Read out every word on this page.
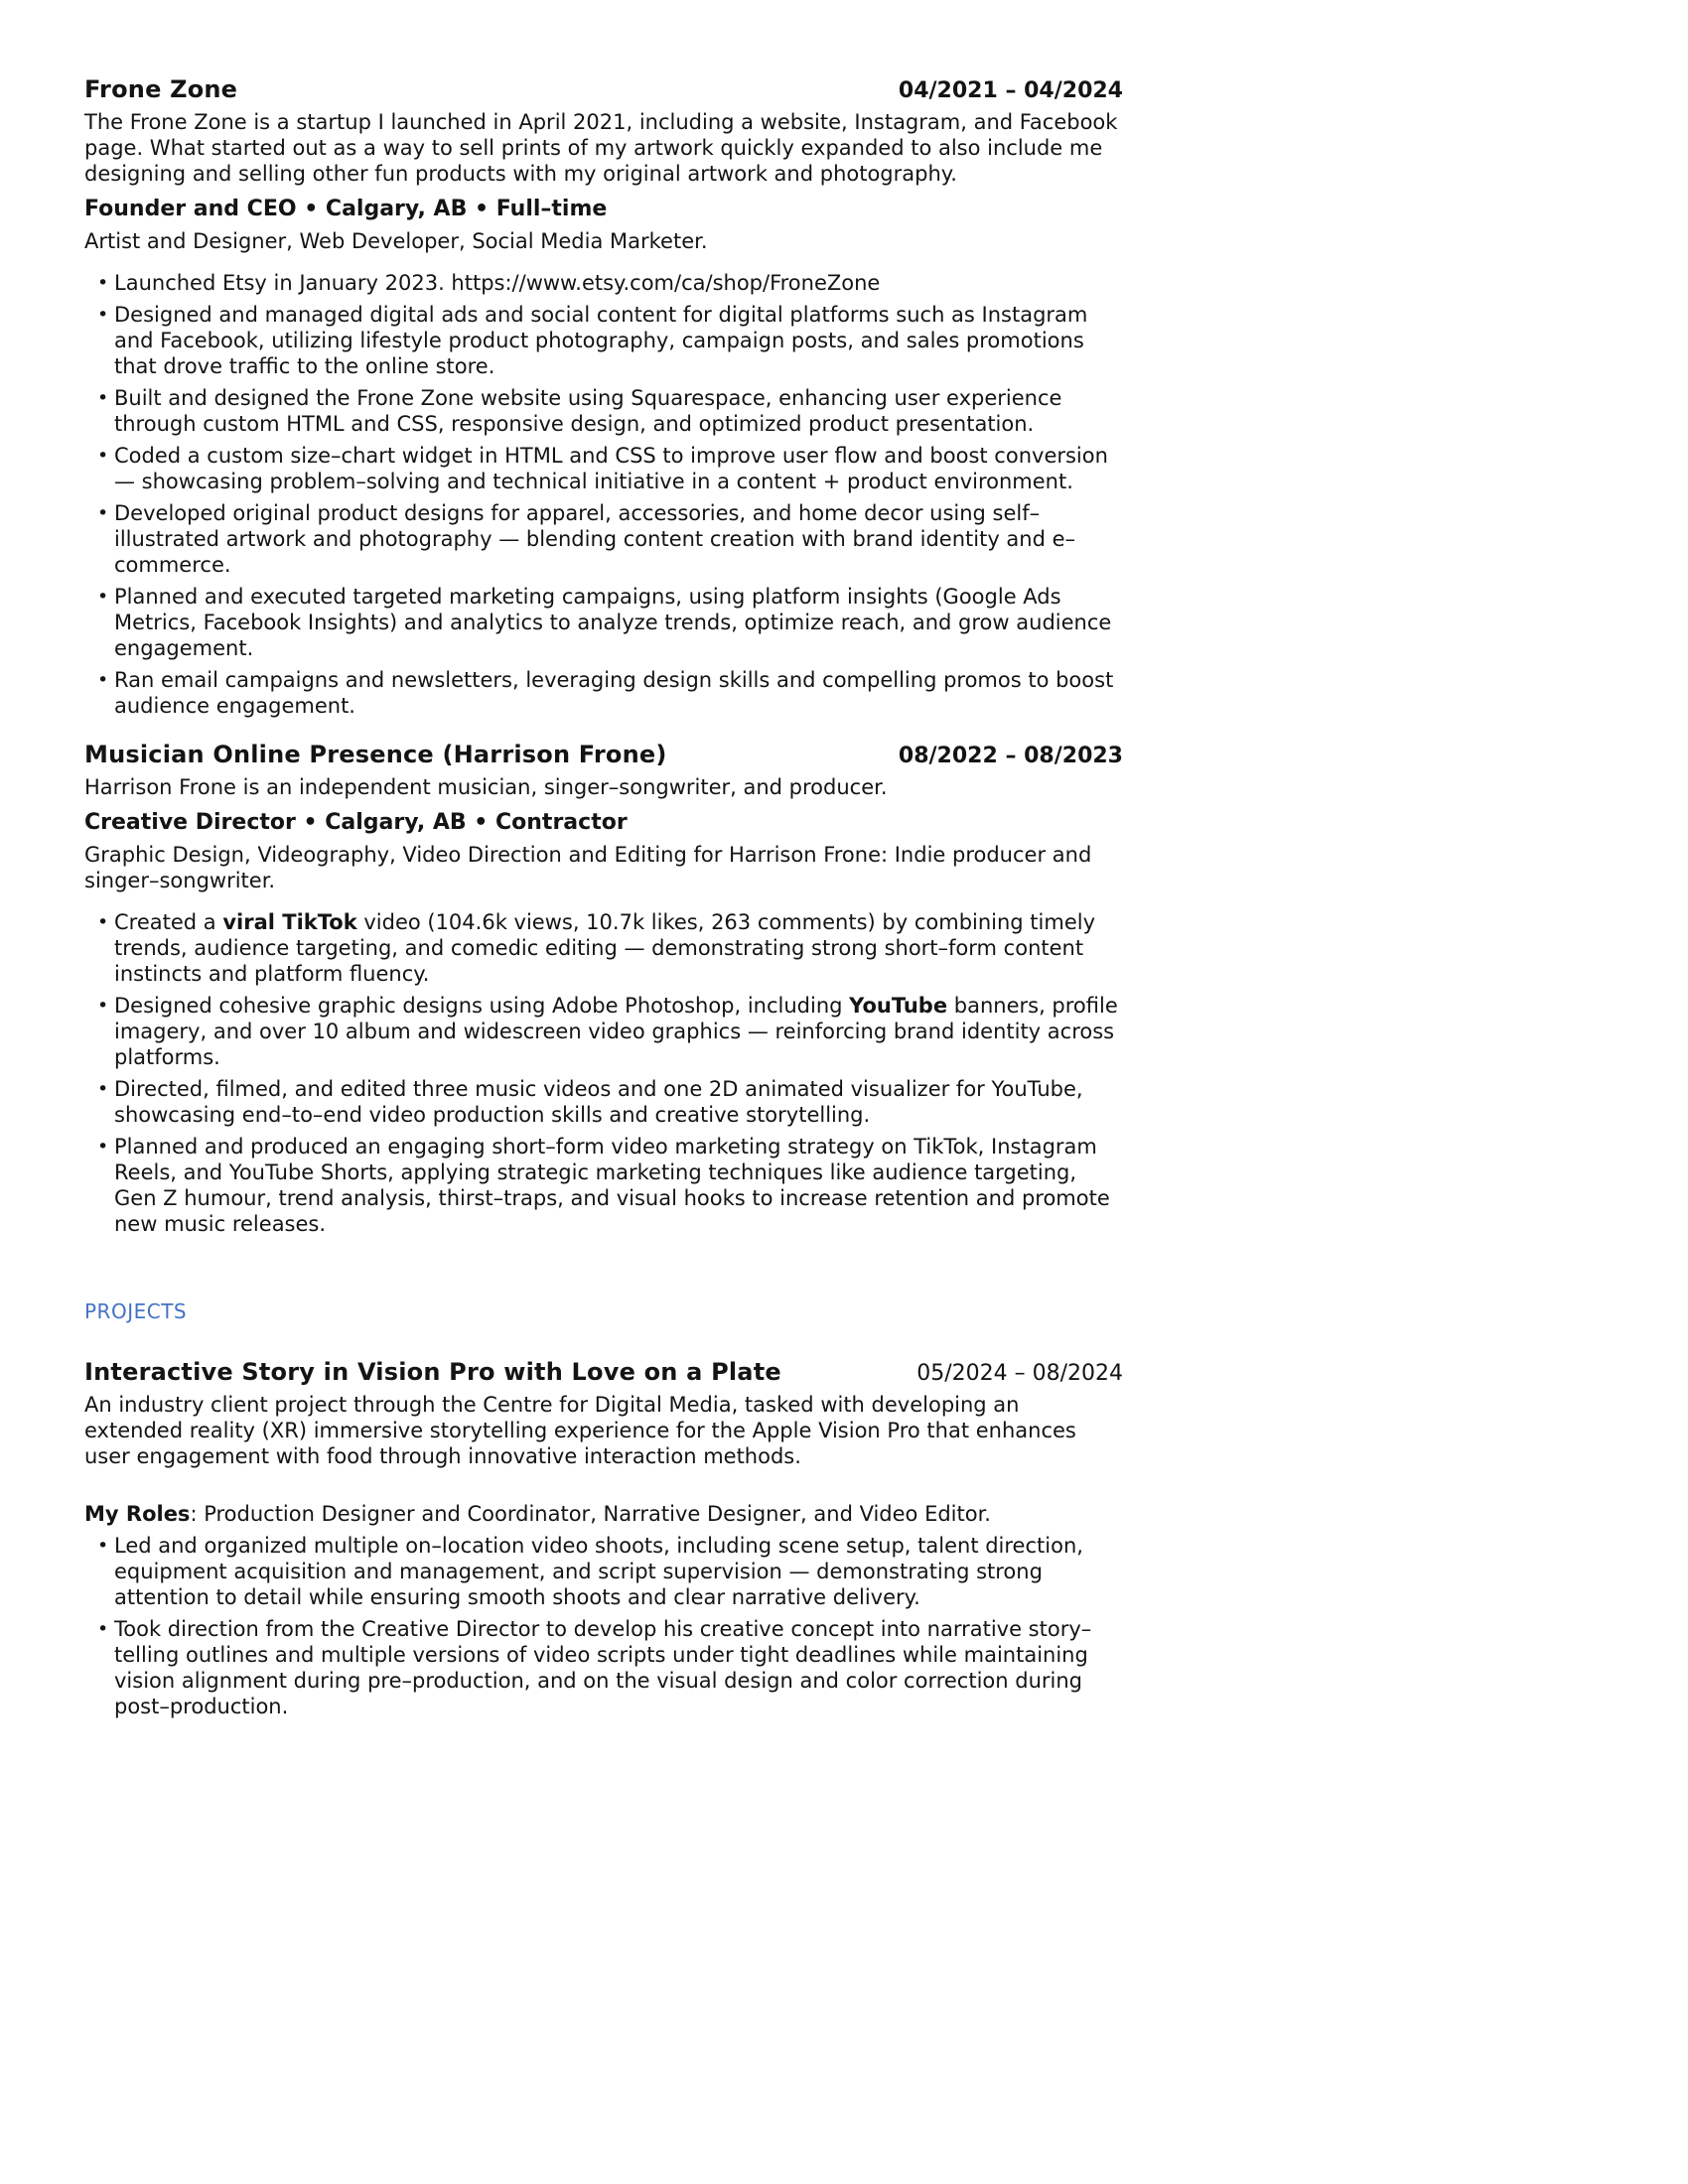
Frone Zone	04/2021 – 04/2024

The Frone Zone is a startup I launched in April 2021, including a website, Instagram, and Facebook page. What started out as a way to sell prints of my artwork quickly expanded to also include me designing and selling other fun products with my original artwork and photography.

Founder and CEO • Calgary, AB • Full–time

Artist and Designer, Web Developer, Social Media Marketer.

• Launched Etsy in January 2023. https://www.etsy.com/ca/shop/FroneZone
• Designed and managed digital ads and social content for digital platforms such as Instagram and Facebook, utilizing lifestyle product photography, campaign posts, and sales promotions that drove traffic to the online store.
• Built and designed the Frone Zone website using Squarespace, enhancing user experience through custom HTML and CSS, responsive design, and optimized product presentation.
• Coded a custom size–chart widget in HTML and CSS to improve user flow and boost conversion — showcasing problem–solving and technical initiative in a content + product environment.
• Developed original product designs for apparel, accessories, and home decor using self–illustrated artwork and photography — blending content creation with brand identity and e–commerce.
• Planned and executed targeted marketing campaigns, using platform insights (Google Ads Metrics, Facebook Insights) and analytics to analyze trends, optimize reach, and grow audience engagement.
• Ran email campaigns and newsletters, leveraging design skills and compelling promos to boost audience engagement.
Musician Online Presence (Harrison Frone)	08/2022 – 08/2023

Harrison Frone is an independent musician, singer–songwriter, and producer.

Creative Director • Calgary, AB • Contractor

Graphic Design, Videography, Video Direction and Editing for Harrison Frone: Indie producer and singer–songwriter.

• Created a viral TikTok video (104.6k views, 10.7k likes, 263 comments) by combining timely trends, audience targeting, and comedic editing — demonstrating strong short–form content instincts and platform fluency.
• Designed cohesive graphic designs using Adobe Photoshop, including YouTube banners, profile imagery, and over 10 album and widescreen video graphics — reinforcing brand identity across platforms.
• Directed, filmed, and edited three music videos and one 2D animated visualizer for YouTube, showcasing end–to–end video production skills and creative storytelling.
• Planned and produced an engaging short–form video marketing strategy on TikTok, Instagram Reels, and YouTube Shorts, applying strategic marketing techniques like audience targeting, Gen Z humour, trend analysis, thirst–traps, and visual hooks to increase retention and promote new music releases.

PROJECTS

Interactive Story in Vision Pro with Love on a Plate	05/2024 – 08/2024

An industry client project through the Centre for Digital Media, tasked with developing an extended reality (XR) immersive storytelling experience for the Apple Vision Pro that enhances user engagement with food through innovative interaction methods.

My Roles: Production Designer and Coordinator, Narrative Designer, and Video Editor.

• Led and organized multiple on–location video shoots, including scene setup, talent direction, equipment acquisition and management, and script supervision — demonstrating strong attention to detail while ensuring smooth shoots and clear narrative delivery.
• Took direction from the Creative Director to develop his creative concept into narrative story–telling outlines and multiple versions of video scripts under tight deadlines while maintaining vision alignment during pre–production, and on the visual design and color correction during post–production.
